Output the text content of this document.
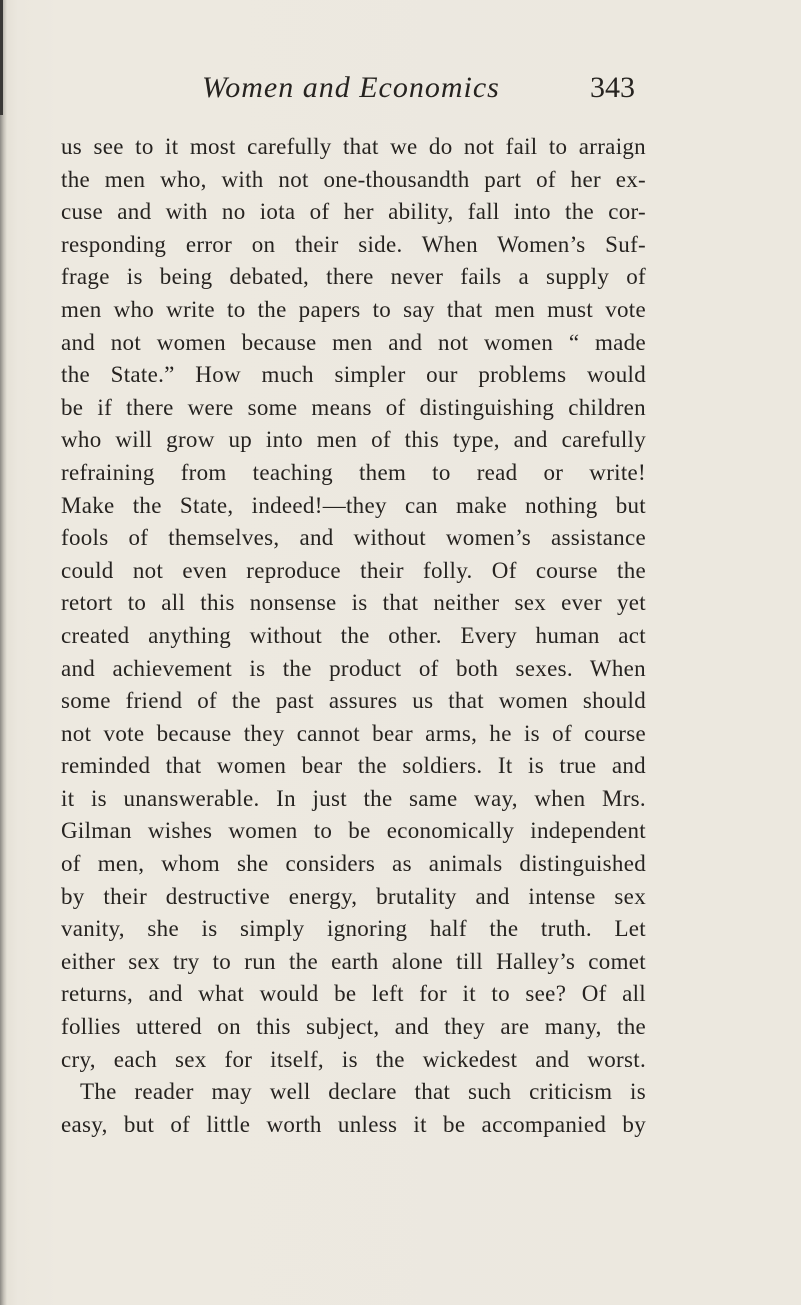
Women and Economics	343
us see to it most carefully that we do not fail to arraign
the men who, with not one-thousandth part of her ex-
cuse and with no iota of her ability, fall into the cor-
responding error on their side. When Women’s Suf-
frage is being debated, there never fails a supply of
men who write to the papers to say that men must vote
and not women because men and not women “ made
the State.” How much simpler our problems would
be if there were some means of distinguishing children
who will grow up into men of this type, and carefully
refraining from teaching them to read or write!
Make the State, indeed!—they can make nothing but
fools of themselves, and without women’s assistance
could not even reproduce their folly. Of course the
retort to all this nonsense is that neither sex ever yet
created anything without the other. Every human act
and achievement is the product of both sexes. When
some friend of the past assures us that women should
not vote because they cannot bear arms, he is of course
reminded that women bear the soldiers. It is true and
it is unanswerable. In just the same way, when Mrs.
Gilman wishes women to be economically independent
of men, whom she considers as animals distinguished
by their destructive energy, brutality and intense sex
vanity, she is simply ignoring half the truth. Let
either sex try to run the earth alone till Halley’s comet
returns, and what would be left for it to see? Of all
follies uttered on this subject, and they are many, the
cry, each sex for itself, is the wickedest and worst.
The reader may well declare that such criticism is
easy, but of little worth unless it be accompanied by
